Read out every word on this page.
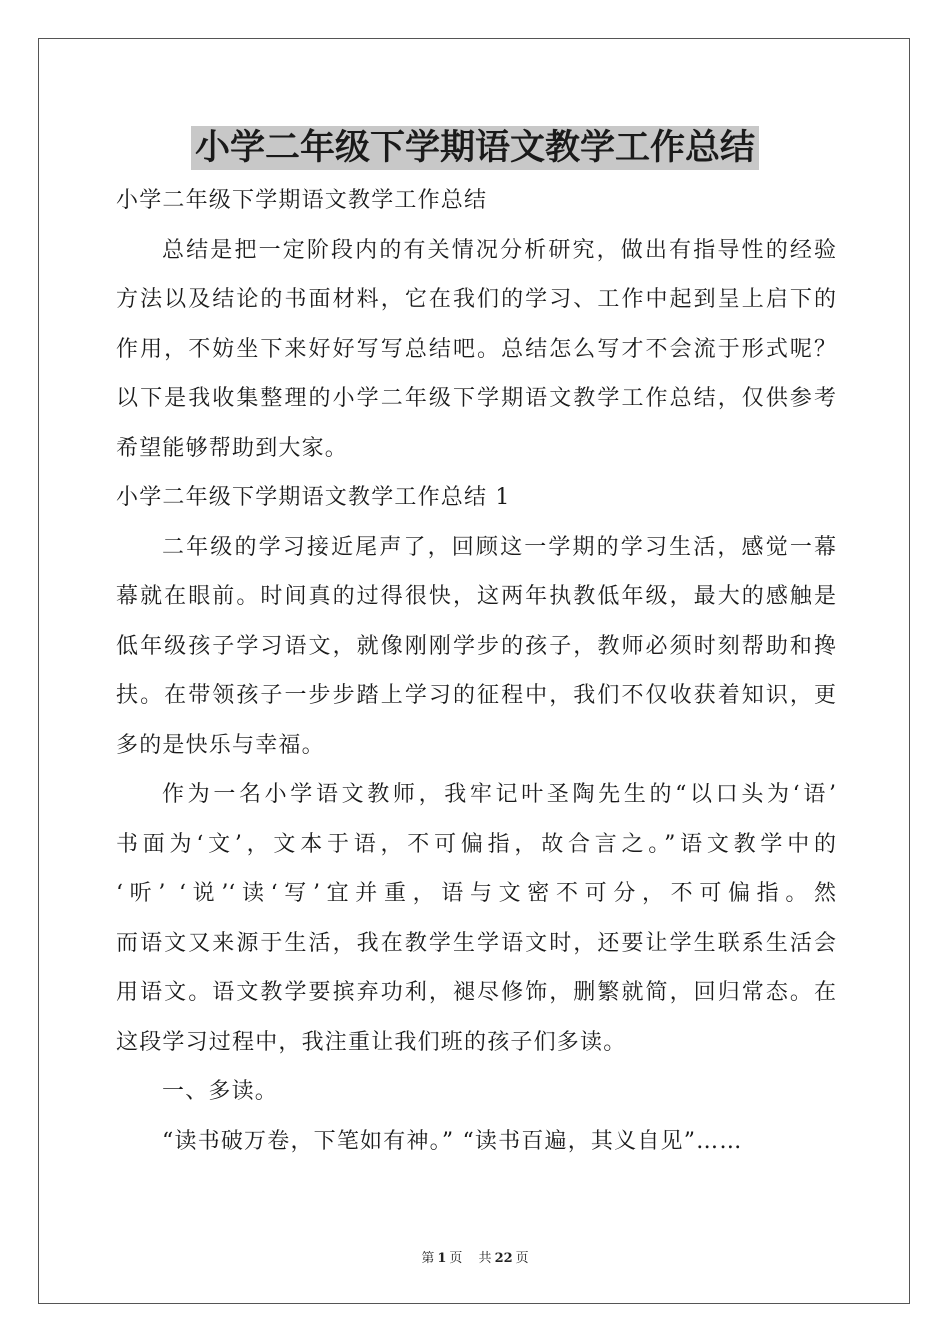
小学二年级下学期语文教学工作总结
小学二年级下学期语文教学工作总结
总结是把一定阶段内的有关情况分析研究，做出有指导性的经验
方法以及结论的书面材料，它在我们的学习、工作中起到呈上启下的
作用，不妨坐下来好好写写总结吧。总结怎么写才不会流于形式呢？
以下是我收集整理的小学二年级下学期语文教学工作总结，仅供参考
希望能够帮助到大家。
小学二年级下学期语文教学工作总结 1
二年级的学习接近尾声了，回顾这一学期的学习生活，感觉一幕
幕就在眼前。时间真的过得很快，这两年执教低年级，最大的感触是
低年级孩子学习语文，就像刚刚学步的孩子，教师必须时刻帮助和搀
扶。在带领孩子一步步踏上学习的征程中，我们不仅收获着知识，更
多的是快乐与幸福。
作为一名小学语文教师，我牢记叶圣陶先生的“以口头为‘语’
书面为‘文’，文本于语，不可偏指，故合言之。”语文教学中的
‘听’ ‘说’‘读‘写’宜并重，语与文密不可分，不可偏指。然
而语文又来源于生活，我在教学生学语文时，还要让学生联系生活会
用语文。语文教学要摈弃功利，褪尽修饰，删繁就简，回归常态。在
这段学习过程中，我注重让我们班的孩子们多读。
一、多读。
“读书破万卷，下笔如有神。” “读书百遍，其义自见”……
第 1 页 共 22 页
